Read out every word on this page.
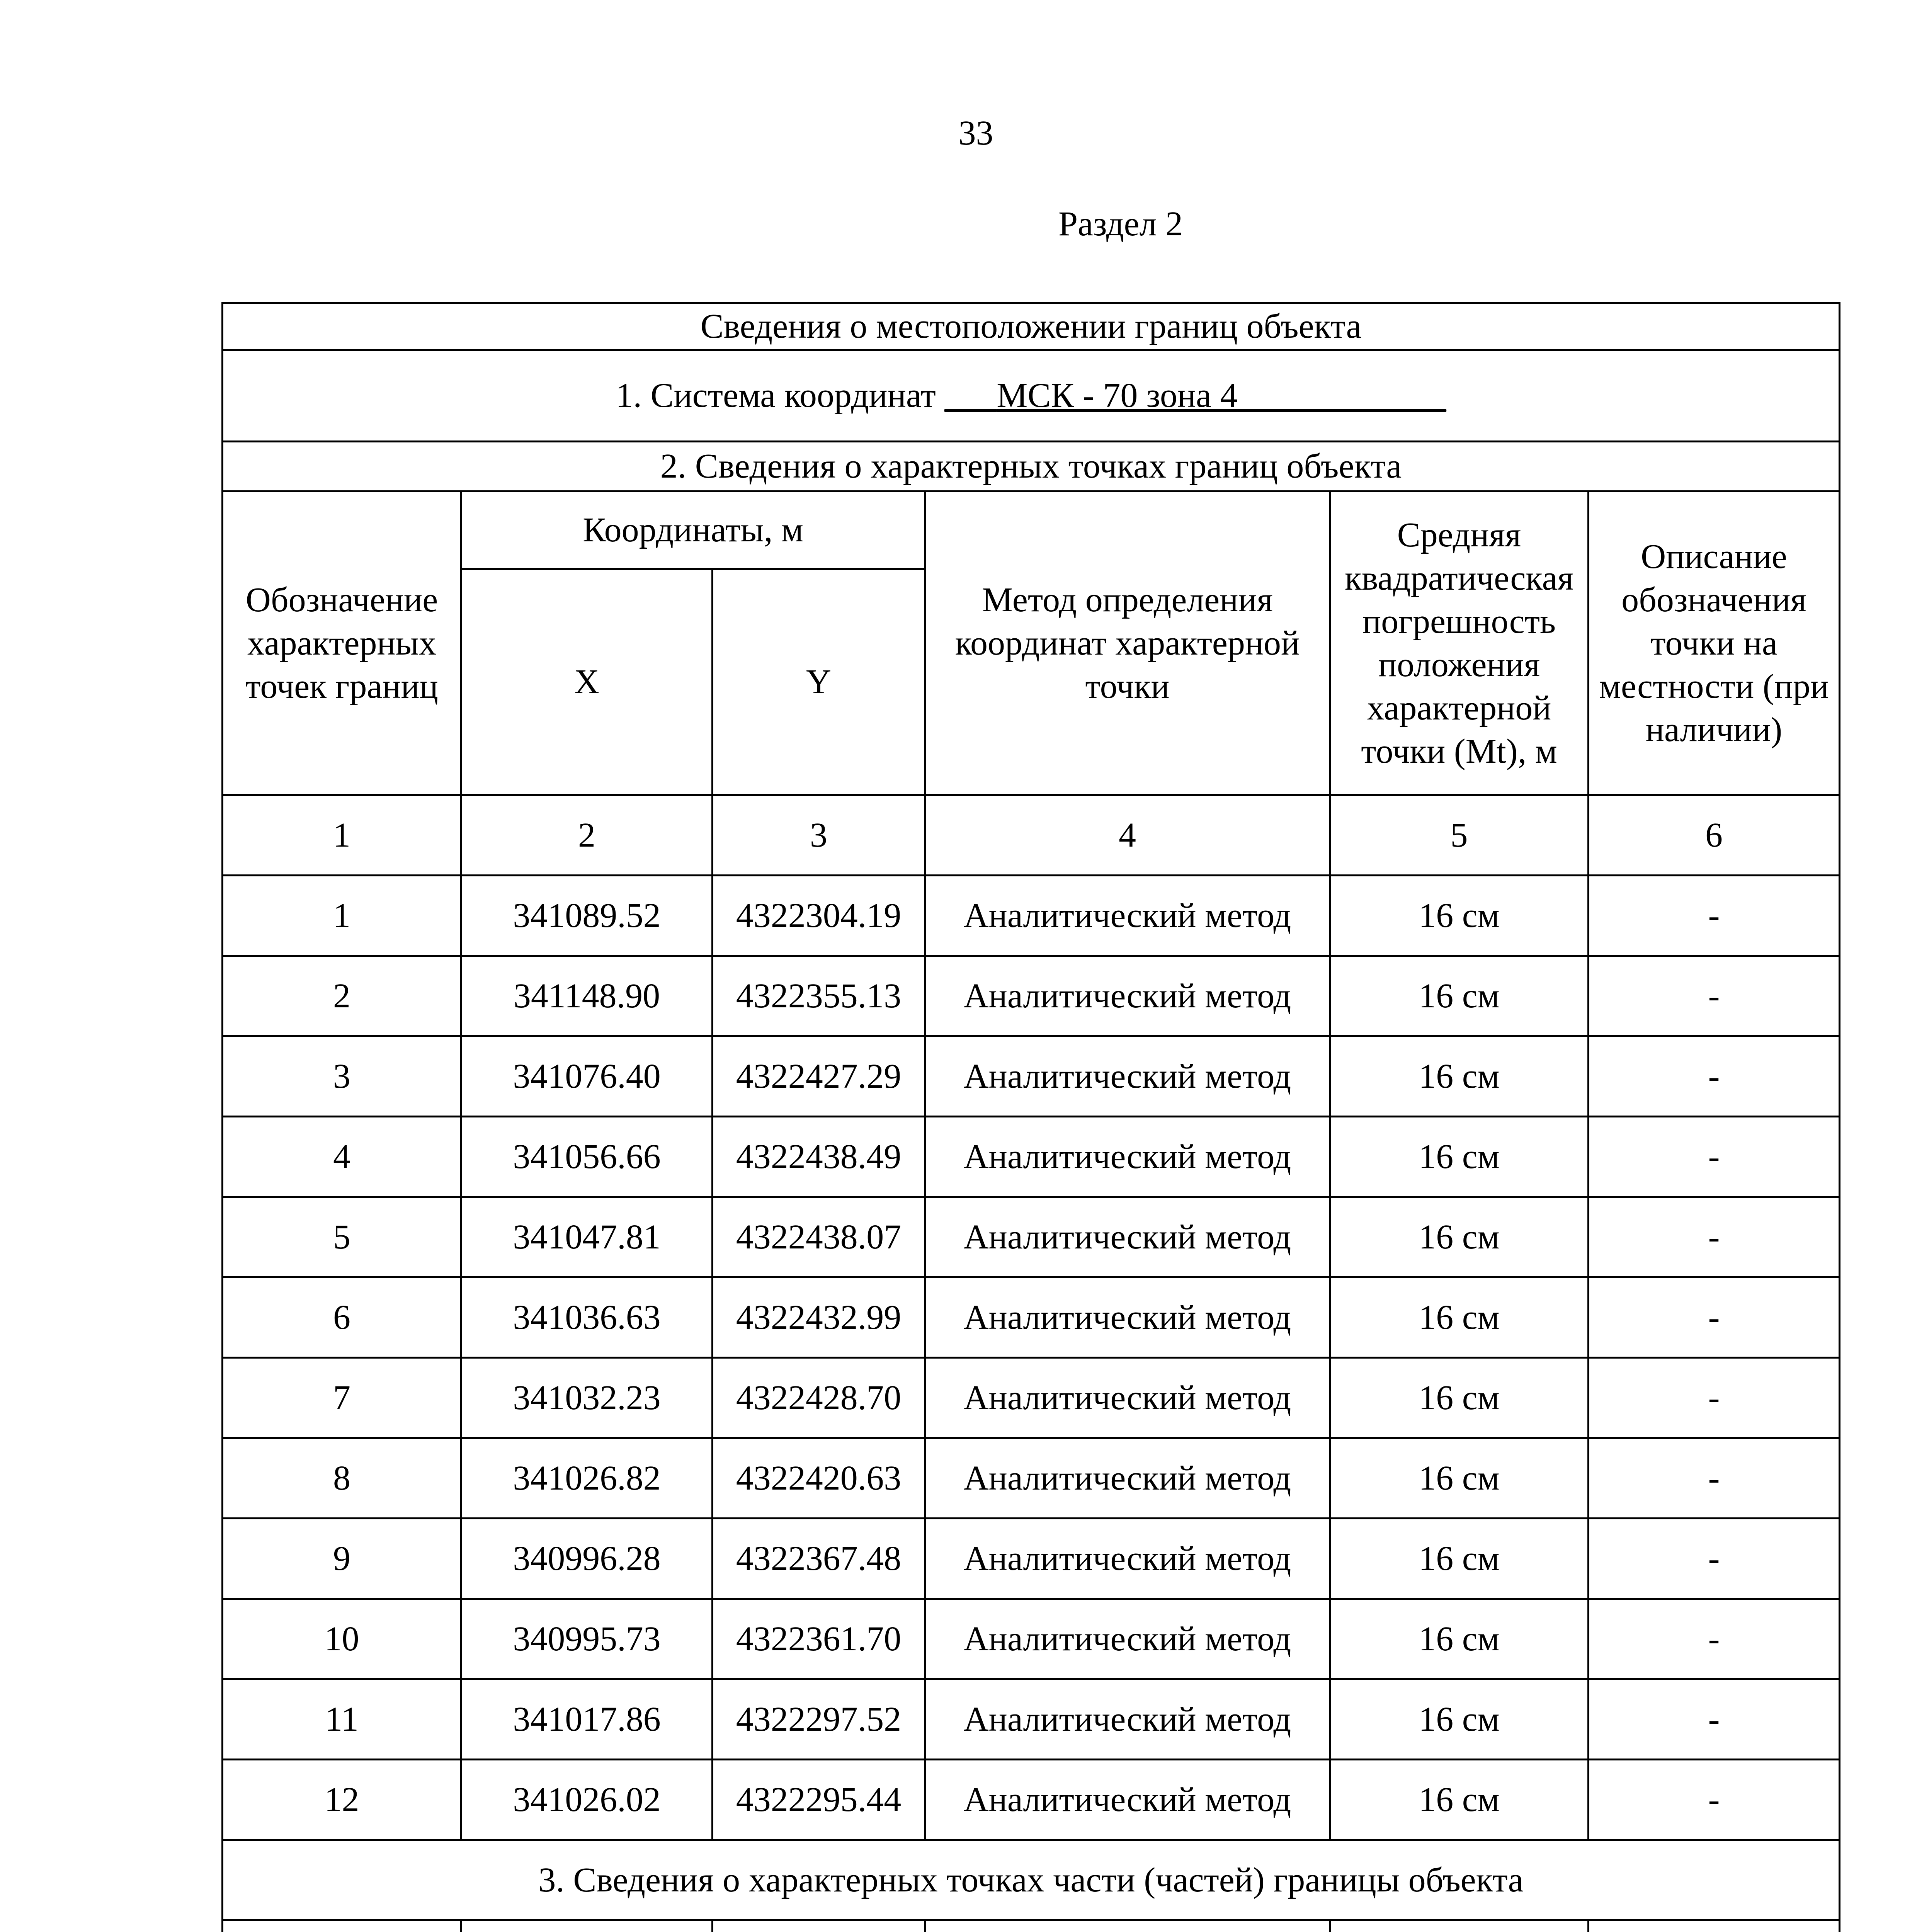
33
Раздел 2
Сведения о местоположении границ объекта					
1. Система координат ___МСК - 70 зона 4____________					
2. Сведения о характерных точках границ объекта					
Обозначение характерных точек границ	Координаты, м		Метод определения координат характерной точки	Средняя квадратическая погрешность положения характерной точки (Mt), м	Описание обозначения точки на местности (при наличии)
	X	Y			
1	2	3	4	5	6
1	341089.52	4322304.19	Аналитический метод	16 см	-
2	341148.90	4322355.13	Аналитический метод	16 см	-
3	341076.40	4322427.29	Аналитический метод	16 см	-
4	341056.66	4322438.49	Аналитический метод	16 см	-
5	341047.81	4322438.07	Аналитический метод	16 см	-
6	341036.63	4322432.99	Аналитический метод	16 см	-
7	341032.23	4322428.70	Аналитический метод	16 см	-
8	341026.82	4322420.63	Аналитический метод	16 см	-
9	340996.28	4322367.48	Аналитический метод	16 см	-
10	340995.73	4322361.70	Аналитический метод	16 см	-
11	341017.86	4322297.52	Аналитический метод	16 см	-
12	341026.02	4322295.44	Аналитический метод	16 см	-
3. Сведения о характерных точках части (частей) границы объекта					
